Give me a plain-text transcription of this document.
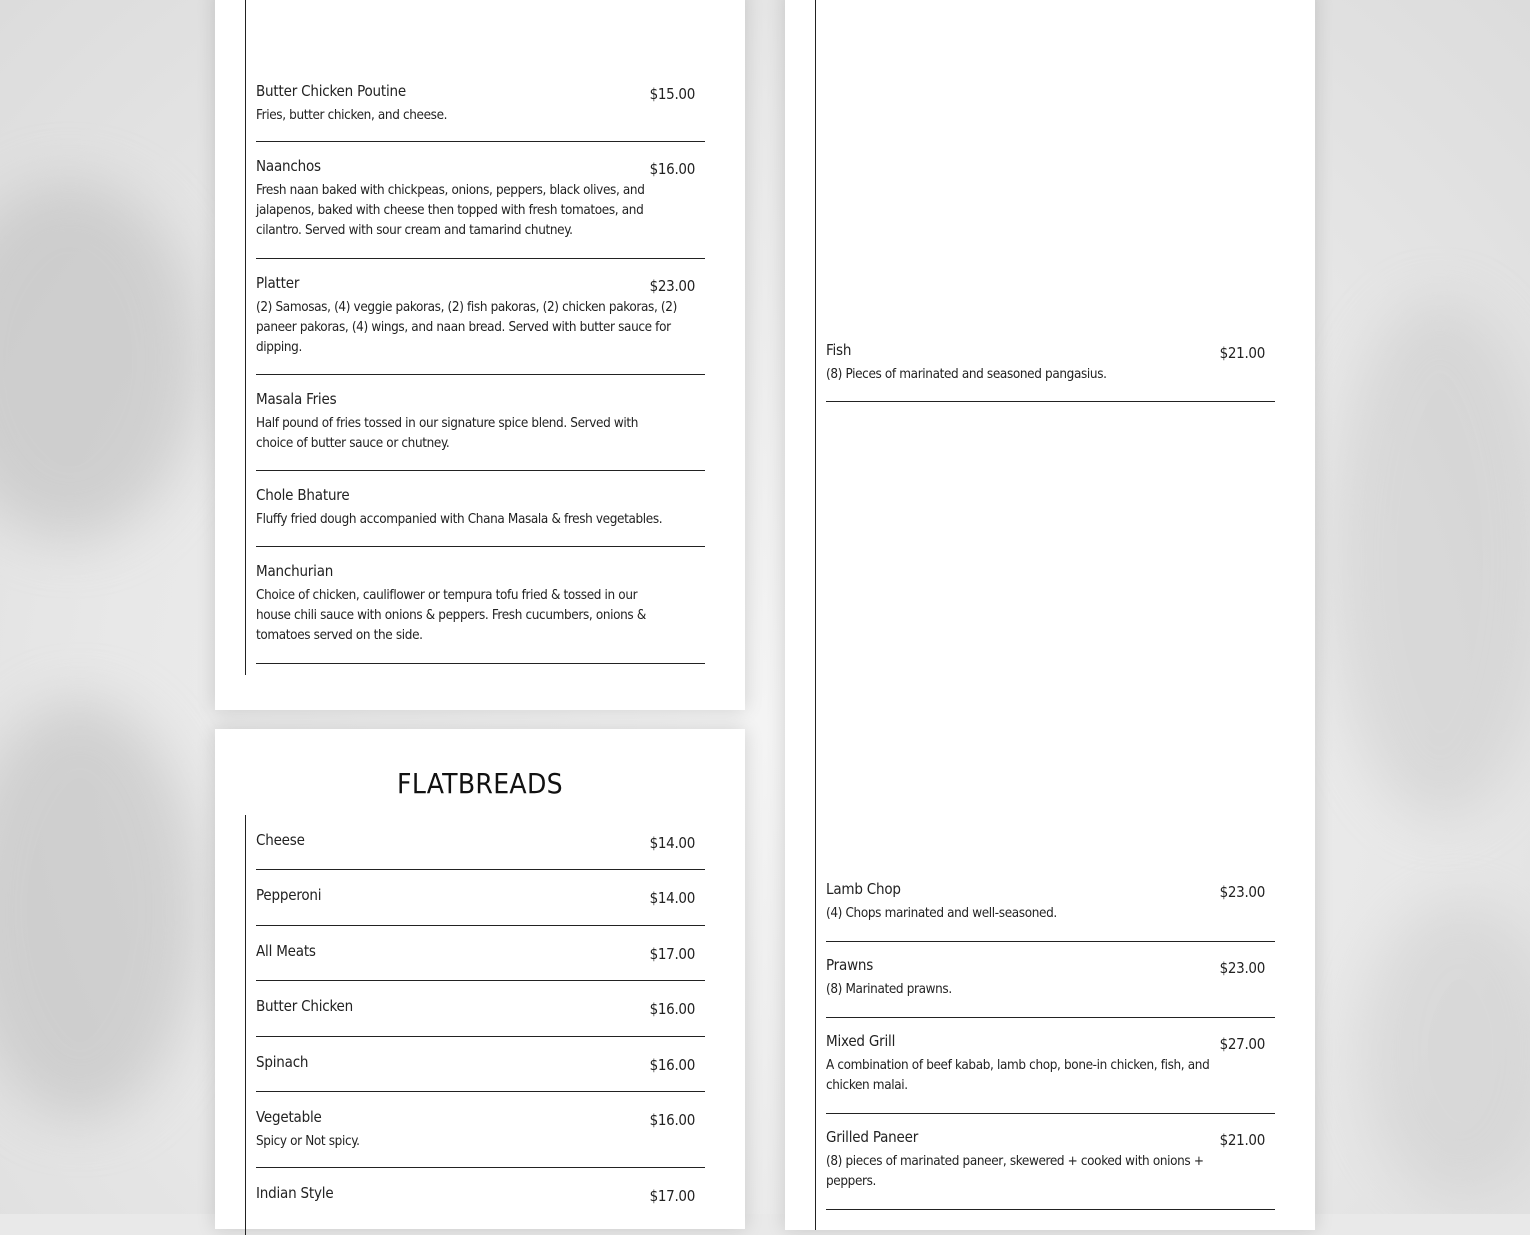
Butter Chicken Poutine	$15.00
Fries, butter chicken, and cheese.
Naanchos	$16.00
Fresh naan baked with chickpeas, onions, peppers, black olives, and jalapenos, baked with cheese then topped with fresh tomatoes, and cilantro. Served with sour cream and tamarind chutney.
Platter	$23.00
(2) Samosas, (4) veggie pakoras, (2) fish pakoras, (2) chicken pakoras, (2) paneer pakoras, (4) wings, and naan bread. Served with butter sauce for dipping.
Masala Fries
Half pound of fries tossed in our signature spice blend. Served with choice of butter sauce or chutney.
Chole Bhature
Fluffy fried dough accompanied with Chana Masala & fresh vegetables.
Manchurian
Choice of chicken, cauliflower or tempura tofu fried & tossed in our house chili sauce with onions & peppers. Fresh cucumbers, onions & tomatoes served on the side.
FLATBREADS
Cheese	$14.00
Pepperoni	$14.00
All Meats	$17.00
Butter Chicken	$16.00
Spinach	$16.00
Vegetable	$16.00
Spicy or Not spicy.
Indian Style	$17.00
Fish	$21.00
(8) Pieces of marinated and seasoned pangasius.
Lamb Chop	$23.00
(4) Chops marinated and well-seasoned.
Prawns	$23.00
(8) Marinated prawns.
Mixed Grill	$27.00
A combination of beef kabab, lamb chop, bone-in chicken, fish, and chicken malai.
Grilled Paneer	$21.00
(8) pieces of marinated paneer, skewered + cooked with onions + peppers.
